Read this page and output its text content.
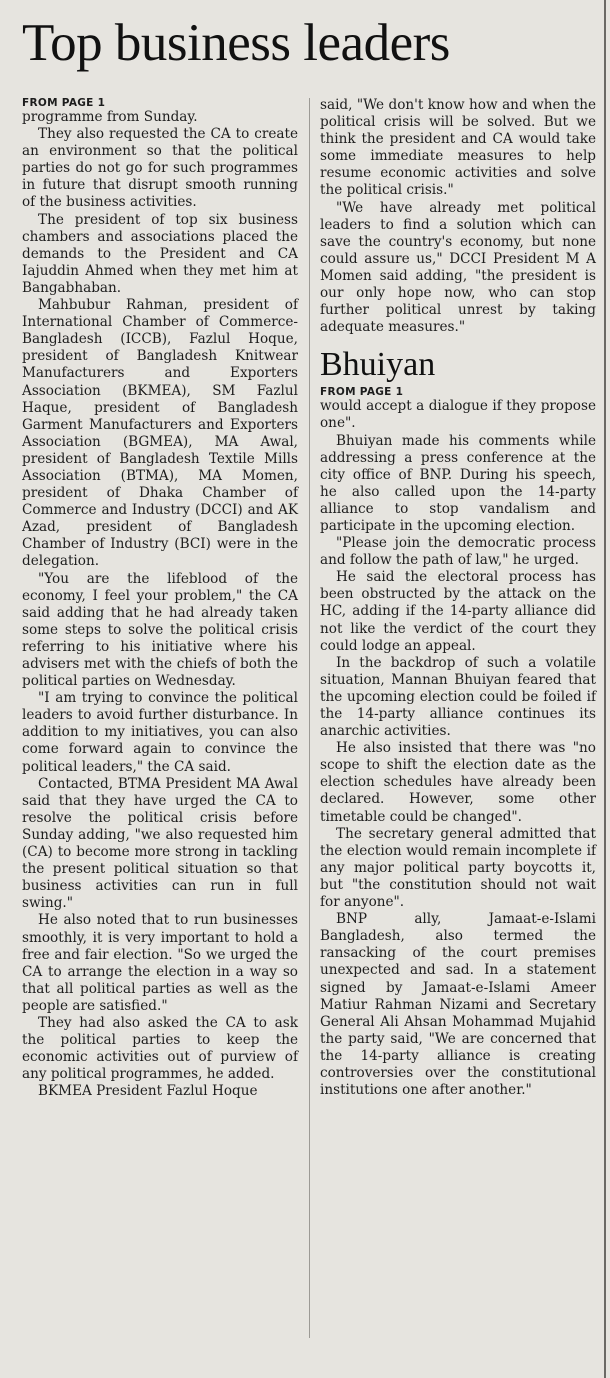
Top business leaders
FROM PAGE 1

programme from Sunday.

They also requested the CA to create an environment so that the political parties do not go for such programmes in future that disrupt smooth running of the business activities.

The president of top six business chambers and associations placed the demands to the President and CA Iajuddin Ahmed when they met him at Bangabhaban.

Mahbubur Rahman, president of International Chamber of Commerce-Bangladesh (ICCB), Fazlul Hoque, president of Bangladesh Knitwear Manufacturers and Exporters Association (BKMEA), SM Fazlul Haque, president of Bangladesh Garment Manufacturers and Exporters Association (BGMEA), MA Awal, president of Bangladesh Textile Mills Association (BTMA), MA Momen, president of Dhaka Chamber of Commerce and Industry (DCCI) and AK Azad, president of Bangladesh Chamber of Industry (BCI) were in the delegation.

"You are the lifeblood of the economy, I feel your problem," the CA said adding that he had already taken some steps to solve the political crisis referring to his initiative where his advisers met with the chiefs of both the political parties on Wednesday.

"I am trying to convince the political leaders to avoid further disturbance. In addition to my initiatives, you can also come forward again to convince the political leaders," the CA said.

Contacted, BTMA President MA Awal said that they have urged the CA to resolve the political crisis before Sunday adding, "we also requested him (CA) to become more strong in tackling the present political situation so that business activities can run in full swing."

He also noted that to run businesses smoothly, it is very important to hold a free and fair election. "So we urged the CA to arrange the election in a way so that all political parties as well as the people are satisfied."

They had also asked the CA to ask the political parties to keep the economic activities out of purview of any political programmes, he added.

BKMEA President Fazlul Hoque

said, "We don't know how and when the political crisis will be solved. But we think the president and CA would take some immediate measures to help resume economic activities and solve the political crisis."

"We have already met political leaders to find a solution which can save the country's economy, but none could assure us," DCCI President M A Momen said adding, "the president is our only hope now, who can stop further political unrest by taking adequate measures."

Bhuiyan
FROM PAGE 1

would accept a dialogue if they propose one".

Bhuiyan made his comments while addressing a press conference at the city office of BNP. During his speech, he also called upon the 14-party alliance to stop vandalism and participate in the upcoming election.

"Please join the democratic process and follow the path of law," he urged.

He said the electoral process has been obstructed by the attack on the HC, adding if the 14-party alliance did not like the verdict of the court they could lodge an appeal.

In the backdrop of such a volatile situation, Mannan Bhuiyan feared that the upcoming election could be foiled if the 14-party alliance continues its anarchic activities.

He also insisted that there was "no scope to shift the election date as the election schedules have already been declared. However, some other timetable could be changed".

The secretary general admitted that the election would remain incomplete if any major political party boycotts it, but "the constitution should not wait for anyone".

BNP ally, Jamaat-e-Islami Bangladesh, also termed the ransacking of the court premises unexpected and sad. In a statement signed by Jamaat-e-Islami Ameer Matiur Rahman Nizami and Secretary General Ali Ahsan Mohammad Mujahid the party said, "We are concerned that the 14-party alliance is creating controversies over the constitutional institutions one after another."
